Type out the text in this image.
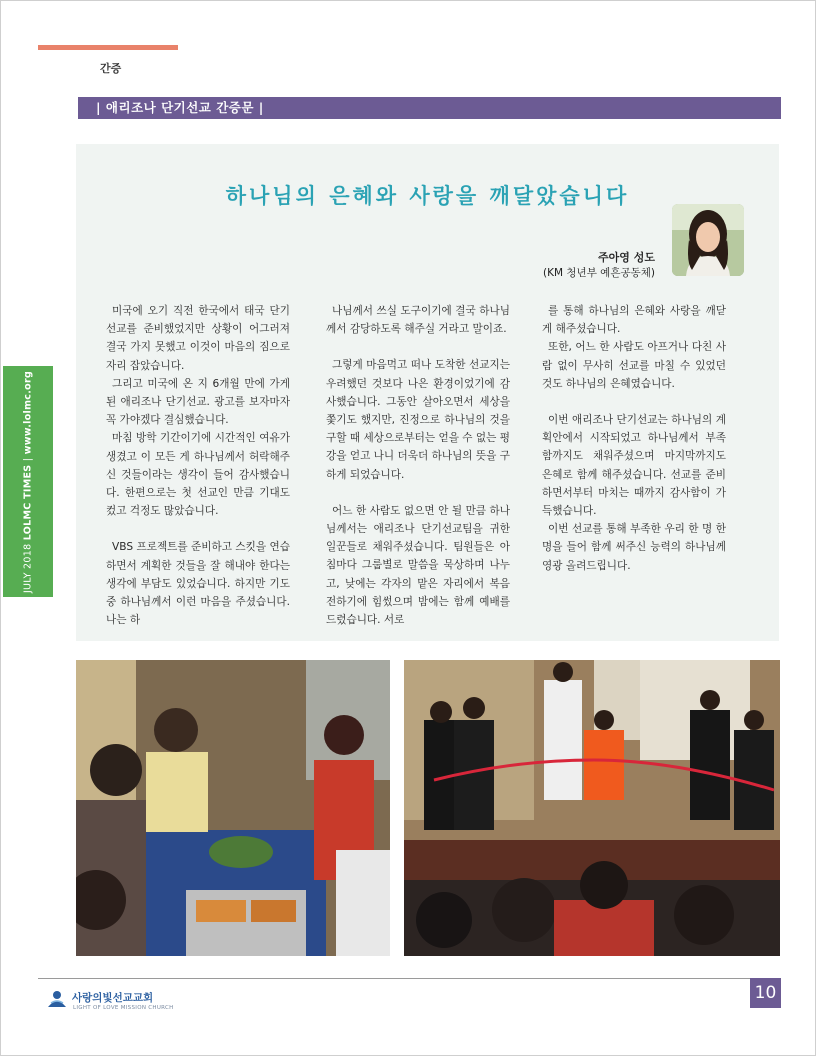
간증
| 애리조나 단기선교 간증문 |
JULY 2018 LOLMC TIMES | www.lolmc.org
하나님의 은혜와 사랑을 깨달았습니다
주아영 성도
(KM 청년부 예흔공동체)

미국에 오기 직전 한국에서 태국 단기선교를 준비했었지만 상황이 어그러져 결국 가지 못했고 이것이 마음의 짐으로 자리 잡았습니다.

그리고 미국에 온 지 6개월 만에 가게 된 애리조나 단기선교. 광고를 보자마자 꼭 가야겠다 결심했습니다.

마침 방학 기간이기에 시간적인 여유가 생겼고 이 모든 게 하나님께서 허락해주신 것들이라는 생각이 들어 감사했습니다. 한편으로는 첫 선교인 만큼 기대도 컸고 걱정도 많았습니다.

VBS 프로젝트를 준비하고 스킷을 연습하면서 계획한 것들을 잘 해내야 한다는 생각에 부담도 있었습니다. 하지만 기도 중 하나님께서 이런 마음을 주셨습니다. 나는 하

나님께서 쓰실 도구이기에 결국 하나님께서 감당하도록 해주실 거라고 말이죠.

그렇게 마음먹고 떠나 도착한 선교지는 우려했던 것보다 나은 환경이었기에 감사했습니다. 그동안 살아오면서 세상을 쫓기도 했지만, 진정으로 하나님의 것을 구할 때 세상으로부터는 얻을 수 없는 평강을 얻고 나니 더욱더 하나님의 뜻을 구하게 되었습니다.

어느 한 사람도 없으면 안 될 만큼 하나님께서는 애리조나 단기선교팀을 귀한 일꾼들로 채워주셨습니다. 팀원들은 아침마다 그룹별로 말씀을 묵상하며 나누고, 낮에는 각자의 맡은 자리에서 복음 전하기에 힘썼으며 밤에는 함께 예배를 드렸습니다. 서로

를 통해 하나님의 은혜와 사랑을 깨닫게 해주셨습니다.

또한, 어느 한 사람도 아프거나 다친 사람 없이 무사히 선교를 마칠 수 있었던 것도 하나님의 은혜였습니다.

이번 애리조나 단기선교는 하나님의 계획안에서 시작되었고 하나님께서 부족함까지도 채워주셨으며 마지막까지도 은혜로 함께 해주셨습니다. 선교를 준비하면서부터 마치는 때까지 감사함이 가득했습니다.

이번 선교를 통해 부족한 우리 한 명 한 명을 들어 함께 써주신 능력의 하나님께 영광 올려드립니다.

사랑의빛선교교회
LIGHT OF LOVE MISSION CHURCH
10
